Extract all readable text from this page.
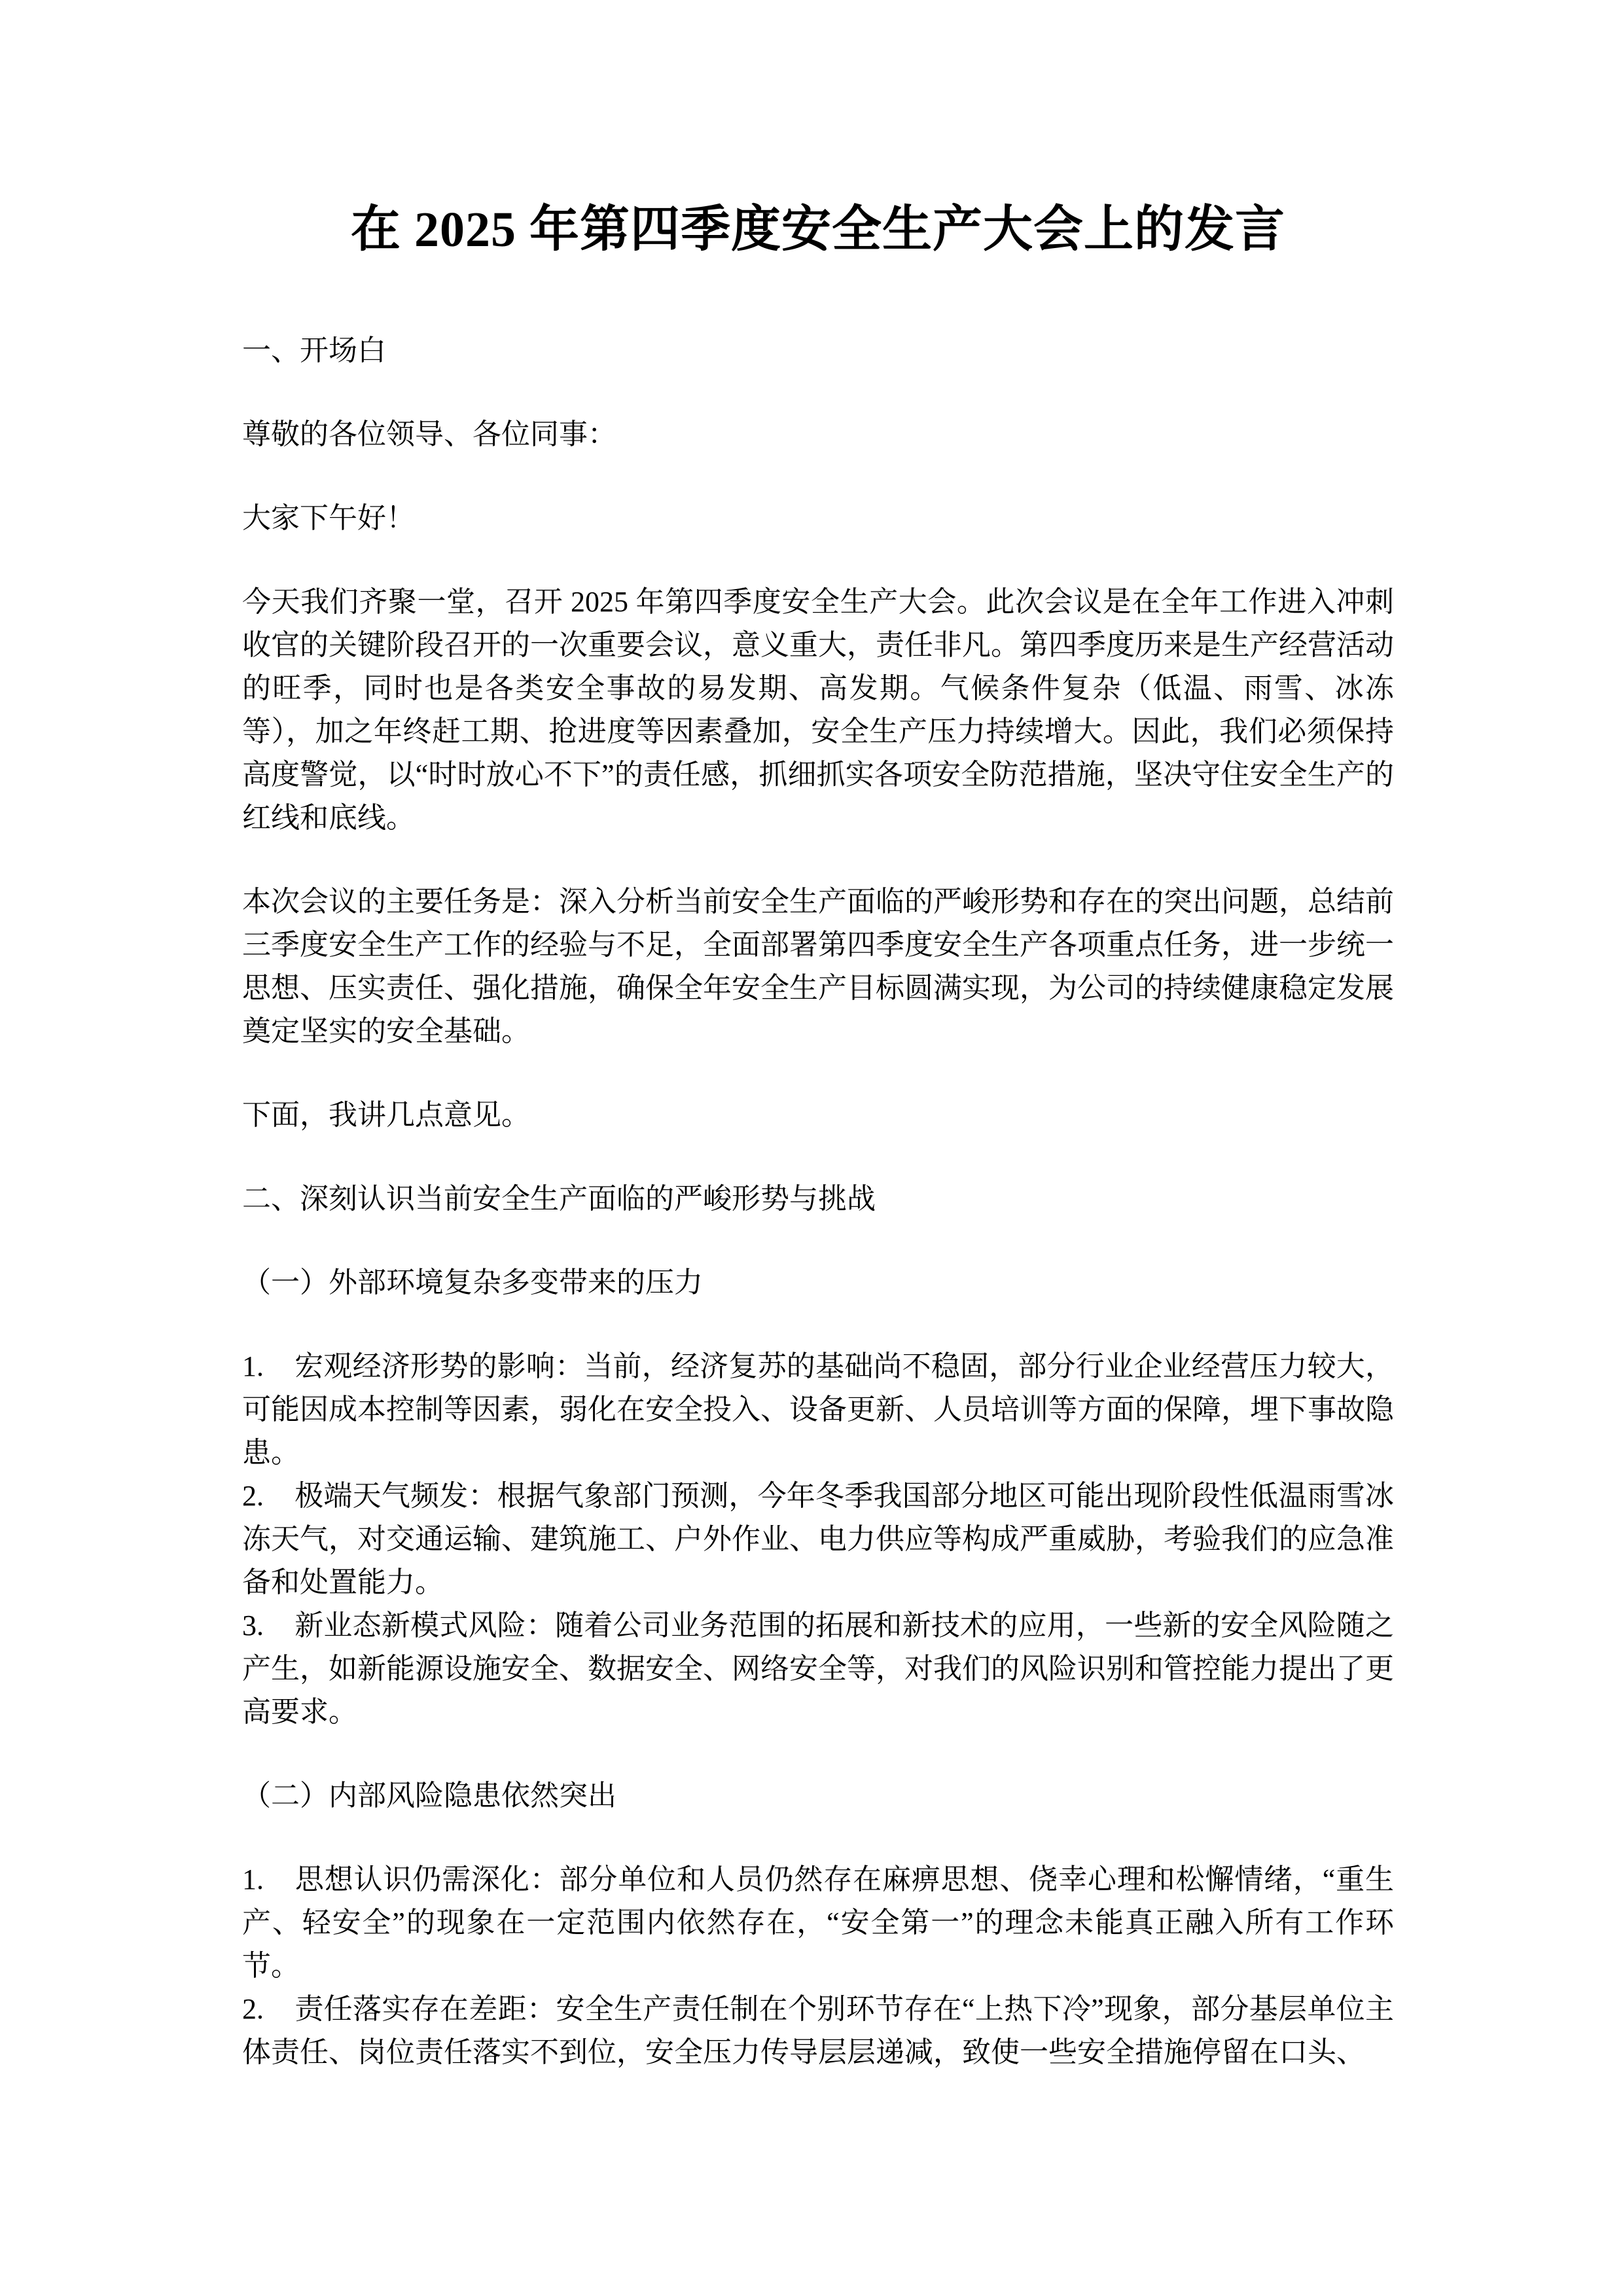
在 2025 年第四季度安全生产大会上的发言

一、开场白

尊敬的各位领导、各位同事：

大家下午好！

今天我们齐聚一堂，召开 2025 年第四季度安全生产大会。此次会议是在全年工作进入冲刺收官的关键阶段召开的一次重要会议，意义重大，责任非凡。第四季度历来是生产经营活动的旺季，同时也是各类安全事故的易发期、高发期。气候条件复杂（低温、雨雪、冰冻等），加之年终赶工期、抢进度等因素叠加，安全生产压力持续增大。因此，我们必须保持高度警觉，以“时时放心不下”的责任感，抓细抓实各项安全防范措施，坚决守住安全生产的红线和底线。

本次会议的主要任务是：深入分析当前安全生产面临的严峻形势和存在的突出问题，总结前三季度安全生产工作的经验与不足，全面部署第四季度安全生产各项重点任务，进一步统一思想、压实责任、强化措施，确保全年安全生产目标圆满实现，为公司的持续健康稳定发展奠定坚实的安全基础。

下面，我讲几点意见。

二、深刻认识当前安全生产面临的严峻形势与挑战

（一）外部环境复杂多变带来的压力

1. 宏观经济形势的影响：当前，经济复苏的基础尚不稳固，部分行业企业经营压力较大，可能因成本控制等因素，弱化在安全投入、设备更新、人员培训等方面的保障，埋下事故隐患。

2. 极端天气频发：根据气象部门预测，今年冬季我国部分地区可能出现阶段性低温雨雪冰冻天气，对交通运输、建筑施工、户外作业、电力供应等构成严重威胁，考验我们的应急准备和处置能力。

3. 新业态新模式风险：随着公司业务范围的拓展和新技术的应用，一些新的安全风险随之产生，如新能源设施安全、数据安全、网络安全等，对我们的风险识别和管控能力提出了更高要求。

（二）内部风险隐患依然突出

1. 思想认识仍需深化：部分单位和人员仍然存在麻痹思想、侥幸心理和松懈情绪，“重生产、轻安全”的现象在一定范围内依然存在，“安全第一”的理念未能真正融入所有工作环节。

2. 责任落实存在差距：安全生产责任制在个别环节存在“上热下冷”现象，部分基层单位主体责任、岗位责任落实不到位，安全压力传导层层递减，致使一些安全措施停留在口头、
